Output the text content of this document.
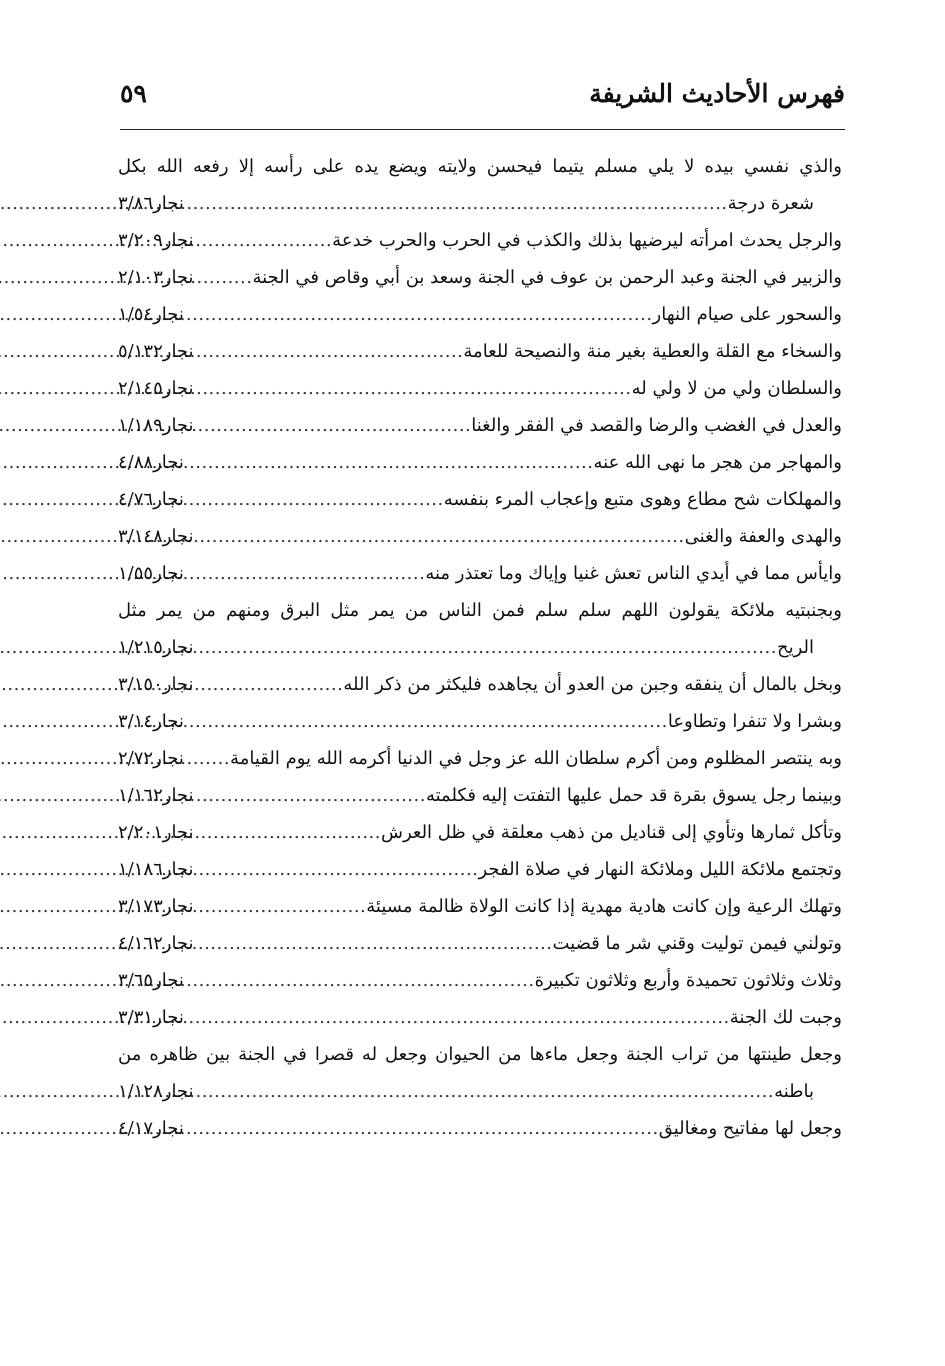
فهرس الأحاديث الشريفة
٥٩
والذي نفسي بيده لا يلي مسلم يتيما فيحسن ولايته ويضع يده على رأسه إلا رفعه الله بكل
شعرة درجة
.....
نجار٣/٨٦
والرجل يحدث امرأته ليرضيها بذلك والكذب في الحرب والحرب خدعة
.....
نجار٣/٢٠٩
والزبير في الجنة وعبد الرحمن بن عوف في الجنة وسعد بن أبي وقاص في الجنة
.....
نجار٢/١٠٣
والسحور على صيام النهار
.....
نجار١/٥٤
والسخاء مع القلة والعطية بغير منة والنصيحة للعامة
.....
نجار٥/١٣٢
والسلطان ولي من لا ولي له
.....
نجار٢/١٤٥
والعدل في الغضب والرضا والقصد في الفقر والغنا
.....
نجار١/١٨٩
والمهاجر من هجر ما نهى الله عنه
.....
نجار٤/٨٨
والمهلكات شح مطاع وهوى متبع وإعجاب المرء بنفسه
.....
نجار٤/٧٦
والهدى والعفة والغنى
.....
نجار٣/١٤٨
وايأس مما في أيدي الناس تعش غنيا وإياك وما تعتذر منه
.....
نجار١/٥٥
وبجنبتيه ملائكة يقولون اللهم سلم سلم فمن الناس من يمر مثل البرق ومنهم من يمر مثل
الريح
.....
نجار١/٢١٥
وبخل بالمال أن ينفقه وجبن من العدو أن يجاهده فليكثر من ذكر الله
.....
نجار٣/١٥٠
وبشرا ولا تنفرا وتطاوعا
.....
نجار٣/١٤
وبه ينتصر المظلوم ومن أكرم سلطان الله عز وجل في الدنيا أكرمه الله يوم القيامة
.....
نجار٢/٧٢
وبينما رجل يسوق بقرة قد حمل عليها التفتت إليه فكلمته
.....
نجار١/١٦٢
وتأكل ثمارها وتأوي إلى قناديل من ذهب معلقة في ظل العرش
.....
نجار٢/٢٠١
وتجتمع ملائكة الليل وملائكة النهار في صلاة الفجر
.....
نجار١/١٨٦
وتهلك الرعية وإن كانت هادية مهدية إذا كانت الولاة ظالمة مسيئة
.....
نجار٣/١٧٣
وتولني فيمن توليت وقني شر ما قضيت
.....
نجار٤/١٦٢
وثلاث وثلاثون تحميدة وأربع وثلاثون تكبيرة
.....
نجار٣/٦٥
وجبت لك الجنة
.....
نجار٣/٣١
وجعل طينتها من تراب الجنة وجعل ماءها من الحيوان وجعل له قصرا في الجنة بين ظاهره من
باطنه
.....
نجار١/١٢٨
وجعل لها مفاتيح ومغاليق
.....
نجار٤/١٧
